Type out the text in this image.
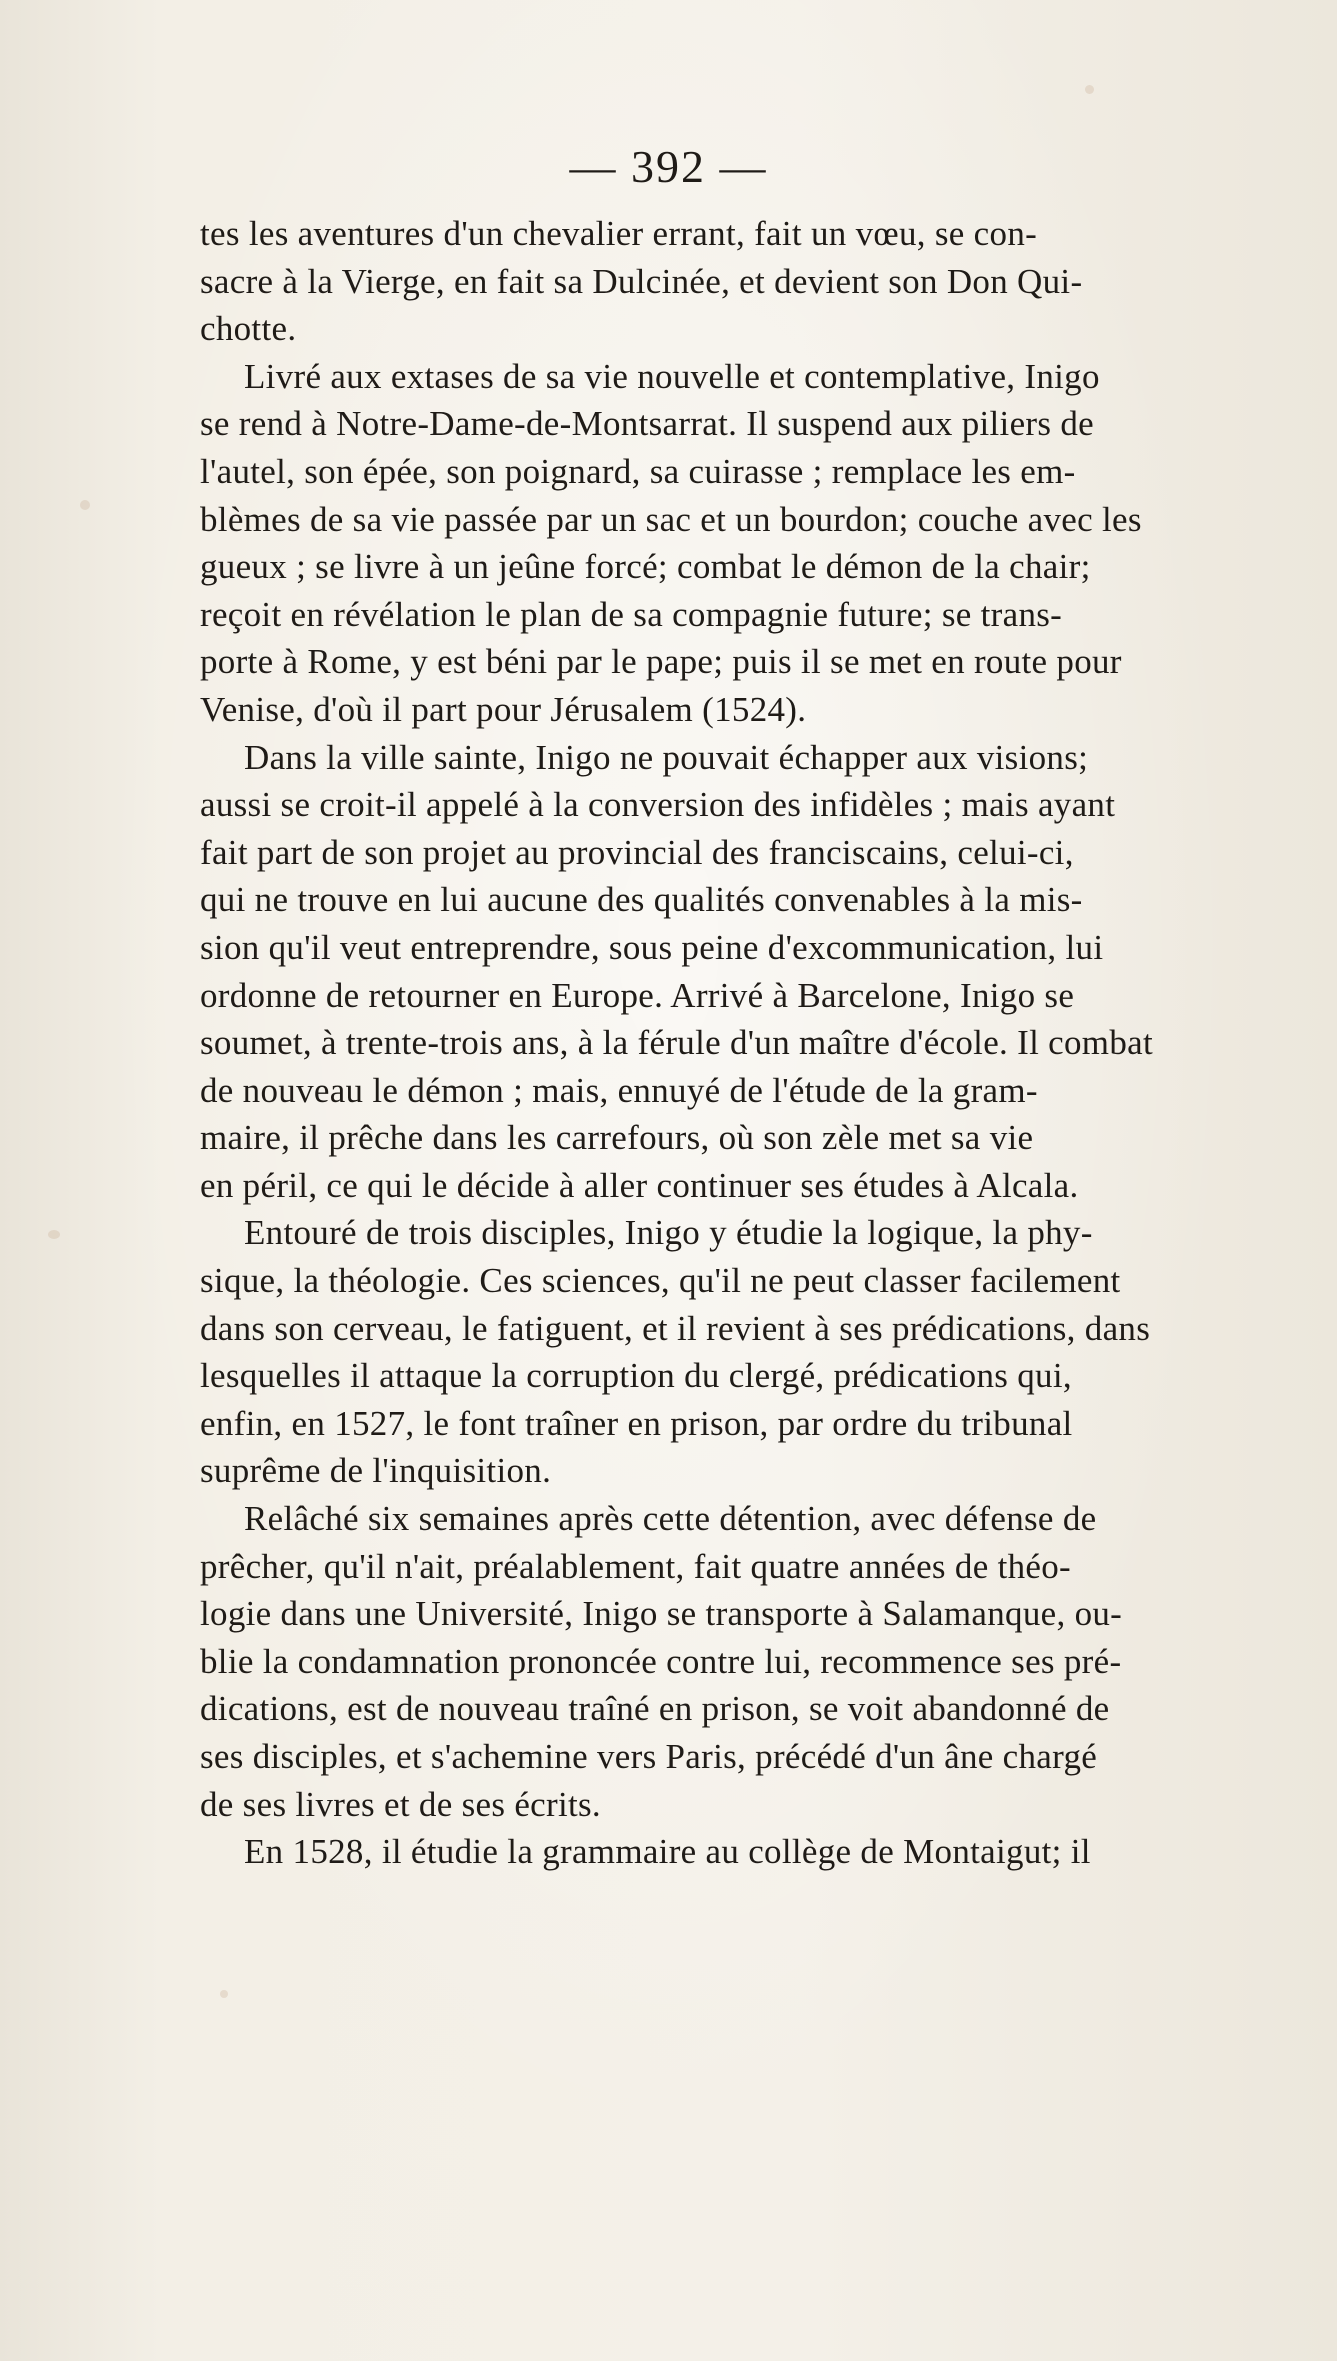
— 392 —
tes les aventures d'un chevalier errant, fait un vœu, se con-
sacre à la Vierge, en fait sa Dulcinée, et devient son Don Qui-
chotte.
Livré aux extases de sa vie nouvelle et contemplative, Inigo
se rend à Notre-Dame-de-Montsarrat. Il suspend aux piliers de
l'autel, son épée, son poignard, sa cuirasse ; remplace les em-
blèmes de sa vie passée par un sac et un bourdon; couche avec les
gueux ; se livre à un jeûne forcé; combat le démon de la chair;
reçoit en révélation le plan de sa compagnie future; se trans-
porte à Rome, y est béni par le pape; puis il se met en route pour
Venise, d'où il part pour Jérusalem (1524).
Dans la ville sainte, Inigo ne pouvait échapper aux visions;
aussi se croit-il appelé à la conversion des infidèles ; mais ayant
fait part de son projet au provincial des franciscains, celui-ci,
qui ne trouve en lui aucune des qualités convenables à la mis-
sion qu'il veut entreprendre, sous peine d'excommunication, lui
ordonne de retourner en Europe. Arrivé à Barcelone, Inigo se
soumet, à trente-trois ans, à la férule d'un maître d'école. Il combat
de nouveau le démon ; mais, ennuyé de l'étude de la gram-
maire, il prêche dans les carrefours, où son zèle met sa vie
en péril, ce qui le décide à aller continuer ses études à Alcala.
Entouré de trois disciples, Inigo y étudie la logique, la phy-
sique, la théologie. Ces sciences, qu'il ne peut classer facilement
dans son cerveau, le fatiguent, et il revient à ses prédications, dans
lesquelles il attaque la corruption du clergé, prédications qui,
enfin, en 1527, le font traîner en prison, par ordre du tribunal
suprême de l'inquisition.
Relâché six semaines après cette détention, avec défense de
prêcher, qu'il n'ait, préalablement, fait quatre années de théo-
logie dans une Université, Inigo se transporte à Salamanque, ou-
blie la condamnation prononcée contre lui, recommence ses pré-
dications, est de nouveau traîné en prison, se voit abandonné de
ses disciples, et s'achemine vers Paris, précédé d'un âne chargé
de ses livres et de ses écrits.
En 1528, il étudie la grammaire au collège de Montaigut; il
